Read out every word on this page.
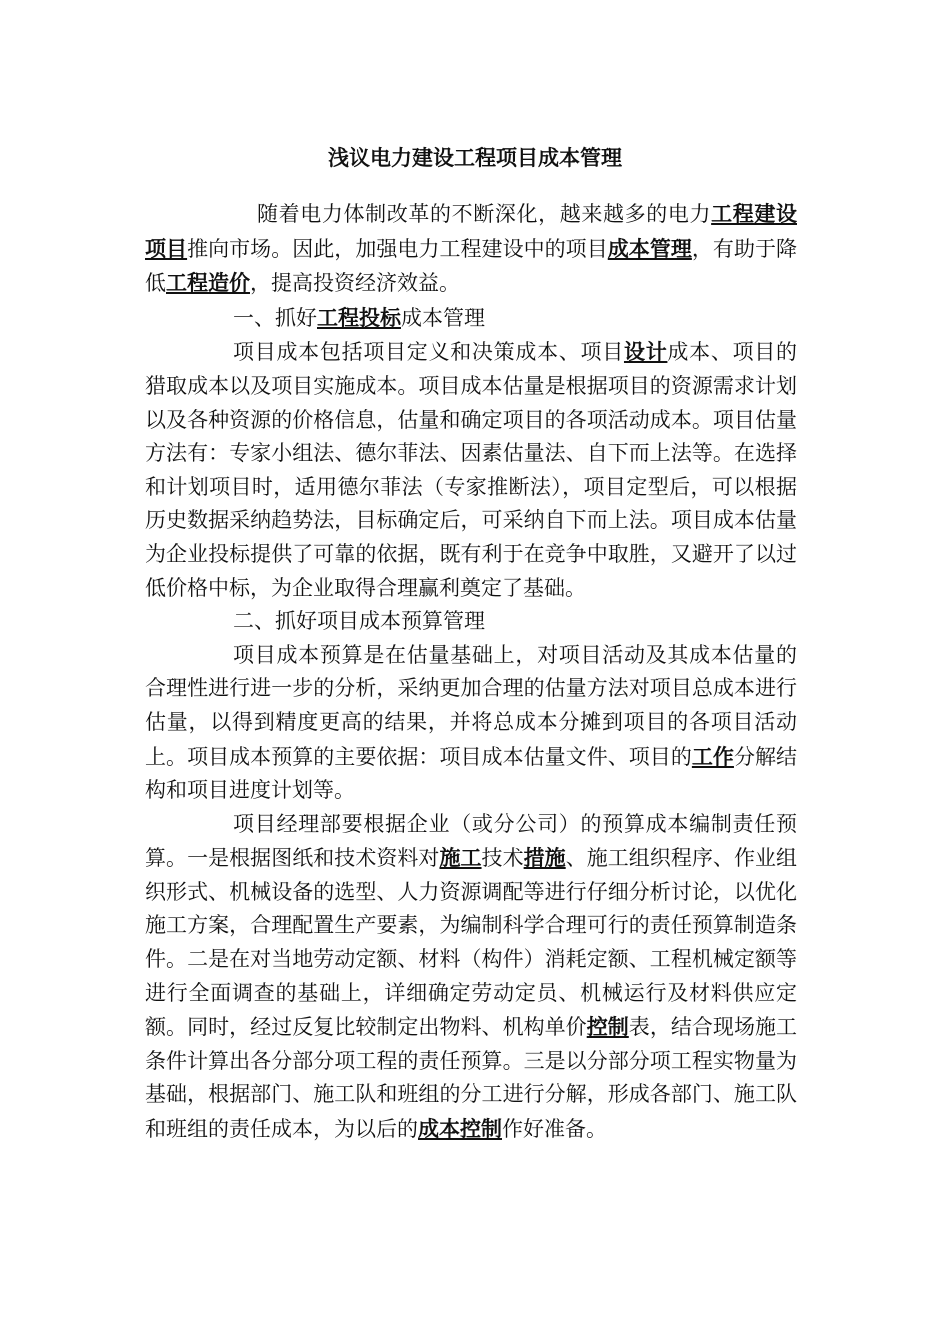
浅议电力建设工程项目成本管理

随着电力体制改革的不断深化，越来越多的电力工程建设项目推向市场。因此，加强电力工程建设中的项目成本管理，有助于降低工程造价，提高投资经济效益。

一、抓好工程投标成本管理

项目成本包括项目定义和决策成本、项目设计成本、项目的猎取成本以及项目实施成本。项目成本估量是根据项目的资源需求计划以及各种资源的价格信息，估量和确定项目的各项活动成本。项目估量方法有：专家小组法、德尔菲法、因素估量法、自下而上法等。在选择和计划项目时，适用德尔菲法（专家推断法），项目定型后，可以根据历史数据采纳趋势法，目标确定后，可采纳自下而上法。项目成本估量为企业投标提供了可靠的依据，既有利于在竞争中取胜，又避开了以过低价格中标，为企业取得合理赢利奠定了基础。

二、抓好项目成本预算管理

项目成本预算是在估量基础上，对项目活动及其成本估量的合理性进行进一步的分析，采纳更加合理的估量方法对项目总成本进行估量，以得到精度更高的结果，并将总成本分摊到项目的各项目活动上。项目成本预算的主要依据：项目成本估量文件、项目的工作分解结构和项目进度计划等。

项目经理部要根据企业（或分公司）的预算成本编制责任预算。一是根据图纸和技术资料对施工技术措施、施工组织程序、作业组织形式、机械设备的选型、人力资源调配等进行仔细分析讨论，以优化施工方案，合理配置生产要素，为编制科学合理可行的责任预算制造条件。二是在对当地劳动定额、材料（构件）消耗定额、工程机械定额等进行全面调查的基础上，详细确定劳动定员、机械运行及材料供应定额。同时，经过反复比较制定出物料、机构单价控制表，结合现场施工条件计算出各分部分项工程的责任预算。三是以分部分项工程实物量为基础，根据部门、施工队和班组的分工进行分解，形成各部门、施工队和班组的责任成本，为以后的成本控制作好准备。
